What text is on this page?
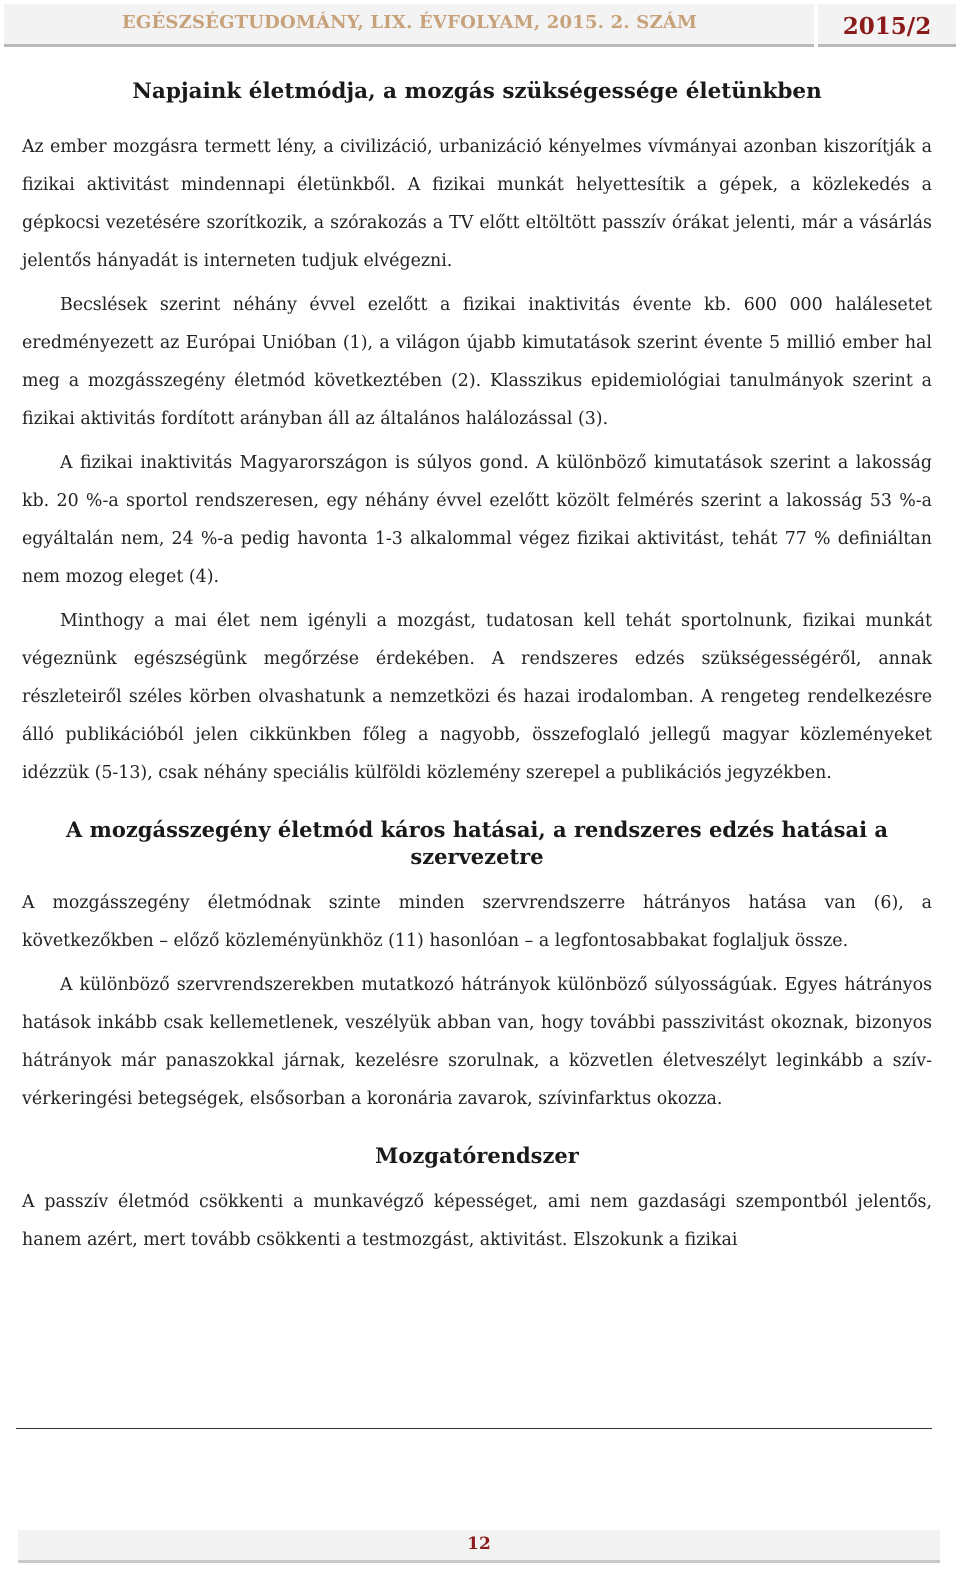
EGÉSZSÉGTUDOMÁNY, LIX. ÉVFOLYAM, 2015. 2. SZÁM	2015/2
Napjaink életmódja, a mozgás szükségessége életünkben

Az ember mozgásra termett lény, a civilizáció, urbanizáció kényelmes vívmányai azonban kiszorítják a fizikai aktivitást mindennapi életünkből. A fizikai munkát helyettesítik a gépek, a közlekedés a gépkocsi vezetésére szorítkozik, a szórakozás a TV előtt eltöltött passzív órákat jelenti, már a vásárlás jelentős hányadát is interneten tudjuk elvégezni.

Becslések szerint néhány évvel ezelőtt a fizikai inaktivitás évente kb. 600 000 halálesetet eredményezett az Európai Unióban (1), a világon újabb kimutatások szerint évente 5 millió ember hal meg a mozgásszegény életmód következtében (2). Klasszikus epidemiológiai tanulmányok szerint a fizikai aktivitás fordított arányban áll az általános halálozással (3).

A fizikai inaktivitás Magyarországon is súlyos gond. A különböző kimutatások szerint a lakosság kb. 20 %-a sportol rendszeresen, egy néhány évvel ezelőtt közölt felmérés szerint a lakosság 53 %-a egyáltalán nem, 24 %-a pedig havonta 1-3 alkalommal végez fizikai aktivitást, tehát 77 % definiáltan nem mozog eleget (4).

Minthogy a mai élet nem igényli a mozgást, tudatosan kell tehát sportolnunk, fizikai munkát végeznünk egészségünk megőrzése érdekében. A rendszeres edzés szükségességéről, annak részleteiről széles körben olvashatunk a nemzetközi és hazai irodalomban. A rengeteg rendelkezésre álló publikációból jelen cikkünkben főleg a nagyobb, összefoglaló jellegű magyar közleményeket idézzük (5-13), csak néhány speciális külföldi közlemény szerepel a publikációs jegyzékben.

A mozgásszegény életmód káros hatásai, a rendszeres edzés hatásai a szervezetre

A mozgásszegény életmódnak szinte minden szervrendszerre hátrányos hatása van (6), a következőkben – előző közleményünkhöz (11) hasonlóan – a legfontosabbakat foglaljuk össze.

A különböző szervrendszerekben mutatkozó hátrányok különböző súlyosságúak. Egyes hátrányos hatások inkább csak kellemetlenek, veszélyük abban van, hogy további passzivitást okoznak, bizonyos hátrányok már panaszokkal járnak, kezelésre szorulnak, a közvetlen életveszélyt leginkább a szív-vérkeringési betegségek, elsősorban a koronária zavarok, szívinfarktus okozza.

Mozgatórendszer

A passzív életmód csökkenti a munkavégző képességet, ami nem gazdasági szempontból jelentős, hanem azért, mert tovább csökkenti a testmozgást, aktivitást. Elszokunk a fizikai

12
